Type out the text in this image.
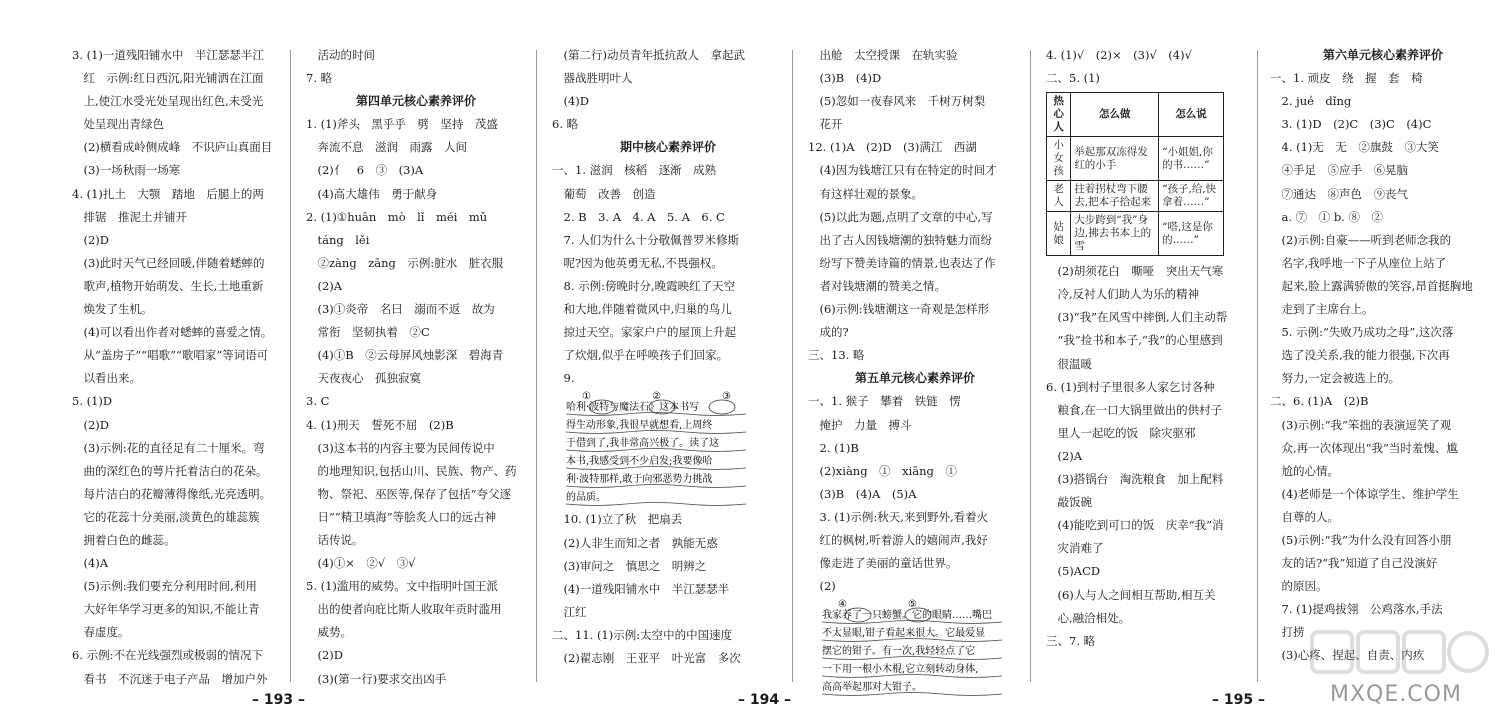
3. (1)一道残阳铺水中　半江瑟瑟半江
　红　示例:红日西沉,阳光铺洒在江面
　上,使江水受光处呈现出红色,未受光
　处呈现出青绿色
　(2)横看成岭侧成峰　不识庐山真面目
　(3)一场秋雨一场寒
4. (1)扎土　大颚　踏地　后腿上的两
　排锯　推泥土并铺开
　(2)D
　(3)此时天气已经回暖,伴随着蟋蟀的
　歌声,植物开始萌发、生长,土地重新
　焕发了生机。
　(4)可以看出作者对蟋蟀的喜爱之情。
　从“盖房子”“唱歌”“歌唱家”等词语可
　以看出来。
5. (1)D
　(2)D
　(3)示例:花的直径足有二十厘米。弯
　曲的深红色的萼片托着洁白的花朵。
　每片洁白的花瓣薄得像纸,光亮透明。
　它的花蕊十分美丽,淡黄色的雄蕊簇
　拥着白色的雌蕊。
　(4)A
　(5)示例:我们要充分利用时间,利用
　大好年华学习更多的知识,不能让青
　春虚度。
6. 示例:不在光线强烈或极弱的情况下
　看书　不沉迷于电子产品　增加户外
　活动的时间
7. 略
第四单元核心素养评价
1. (1)斧头　黑乎乎　劈　坚持　茂盛
　奔流不息　滋润　雨露　人间
　(2)亻　6　③　(3)A
　(4)高大雄伟　勇于献身
2. (1)①huān　mò　lǐ　méi　mǔ
　táng　lěi
　②zàng　zāng　示例:脏水　脏衣服
　(2)A
　(3)①炎帝　名曰　溺而不返　故为
　常衔　坚韧执着　②C
　(4)①B　②云母屏风烛影深　碧海青
　天夜夜心　孤独寂寞
3. C
4. (1)刑天　誓死不屈　(2)B
　(3)这本书的内容主要为民间传说中
　的地理知识,包括山川、民族、物产、药
　物、祭祀、巫医等,保存了包括“夸父逐
　日”“精卫填海”等脍炙人口的远古神
　话传说。
　(4)①×　②√　③√
5. (1)滥用的威势。文中指明叶国王派
　出的使者向庇比斯人收取年贡时滥用
　威势。
　(2)D
　(3)(第一行)要求交出凶手
　(第二行)动员青年抵抗敌人　拿起武
　器战胜明叶人
　(4)D
6. 略
期中核心素养评价
一、1. 滋润　核稻　逐渐　成熟
　葡萄　改善　创造
　2. B　3. A　4. A　5. A　6. C
　7. 人们为什么十分敬佩普罗米修斯
　呢?因为他英勇无私,不畏强权。
　8. 示例:傍晚时分,晚霞映红了天空
　和大地,伴随着微风中,归巢的鸟儿
　掠过天空。家家户户的屋顶上升起
　了炊烟,似乎在呼唤孩子们回家。
　9.
哈利·波特与魔法石》这本书写
得生动形象,我很早就想看,上周终
于借到了,我非常高兴极了。读了这
本书,我感受到不少启发;我要像哈
利·波特那样,敢于向邪恶势力挑战
的品质。
①	②	③
　10. (1)立了秋　把扇丢
　(2)人非生而知之者　孰能无惑
　(3)审问之　慎思之　明辨之
　(4)一道残阳铺水中　半江瑟瑟半
　江红
二、11. (1)示例:太空中的中国速度
　(2)翟志刚　王亚平　叶光富　多次
　出舱　太空授课　在轨实验
　(3)B　(4)D
　(5)忽如一夜春风来　千树万树梨
　花开
12. (1)A　(2)D　(3)满江　西湖
　(4)因为钱塘江只有在特定的时间才
　有这样壮观的景象。
　(5)以此为题,点明了文章的中心,写
　出了古人因钱塘潮的独特魅力而纷
　纷写下赞美诗篇的情景,也表达了作
　者对钱塘潮的赞美之情。
　(6)示例:钱塘潮这一奇观是怎样形
　成的?
三、13. 略
第五单元核心素养评价
一、1. 猴子　攀着　铁链　愣
　掩护　力量　搏斗
　2. (1)B
　(2)xiàng　①　xiāng　①
　(3)B　(4)A　(5)A
　3. (1)示例:秋天,来到野外,看着火
　红的枫树,听着游人的嬉闹声,我好
　像走进了美丽的童话世界。
　(2)
我家养了一只螃蟹。它的眼睛……嘴巴
不太显眼,钳子看起来很大。它最爱显
摆它的钳子。有一次,我轻轻点了它
一下用一根小木棍,它立刻转动身体,
高高举起那对大钳子。
④	⑤
4. (1)√　(2)×　(3)√　(4)√
二、5. (1)
热心人	怎么做	怎么说
小女孩	举起那双冻得发红的小手	“小姐姐,你的书……”
老人	拄着拐杖弯下腰去,把本子拾起来	“孩子,给,快拿着……”
姑娘	大步跨到“我”身边,拂去书本上的雪	“嗒,这是你的……”
　(2)胡须花白　嘶哑　突出天气寒
　冷,反衬人们助人为乐的精神
　(3)“我”在风雪中摔倒,人们主动帮
　“我”捡书和本子,“我”的心里感到
　很温暖
6. (1)到村子里很多人家乞讨各种
　粮食,在一口大锅里做出的供村子
　里人一起吃的饭　除灾驱邪
　(2)A
　(3)搭锅台　淘洗粮食　加上配料
　敲饭碗
　(4)能吃到可口的饭　庆幸“我”消
　灾消难了
　(5)ACD
　(6)人与人之间相互帮助,相互关
　心,融洽相处。
三、7. 略
第六单元核心素养评价
一、1. 顽皮　绕　握　套　椅
　2. jué　dǐng
　3. (1)D　(2)C　(3)C　(4)C
　4. (1)无　无　②旗鼓　③大笑
　④手足　⑤应手　⑥晃脑
　⑦通达　⑧声色　⑨丧气
　a. ⑦　① b. ⑧　②
　(2)示例:自豪——听到老师念我的
　名字,我呼地一下子从座位上站了
　起来,脸上露满骄傲的笑容,昂首挺胸地
　走到了主席台上。
　5. 示例:“失败乃成功之母”,这次落
　选了没关系,我的能力很强,下次再
　努力,一定会被选上的。
二、6. (1)A　(2)B
　(3)示例:“我”笨拙的表演逗笑了观
　众,再一次体现出“我”当时羞愧、尴
　尬的心情。
　(4)老师是一个体谅学生、维护学生
　自尊的人。
　(5)示例:“我”为什么没有回答小朋
　友的话?“我”知道了自己没演好
　的原因。
　7. (1)提鸡拔翎　公鸡落水,手法
　打捞
　(3)心疼、捏起、自责、内疚
– 193 –	– 194 –	– 195 –	MXQE.COM
